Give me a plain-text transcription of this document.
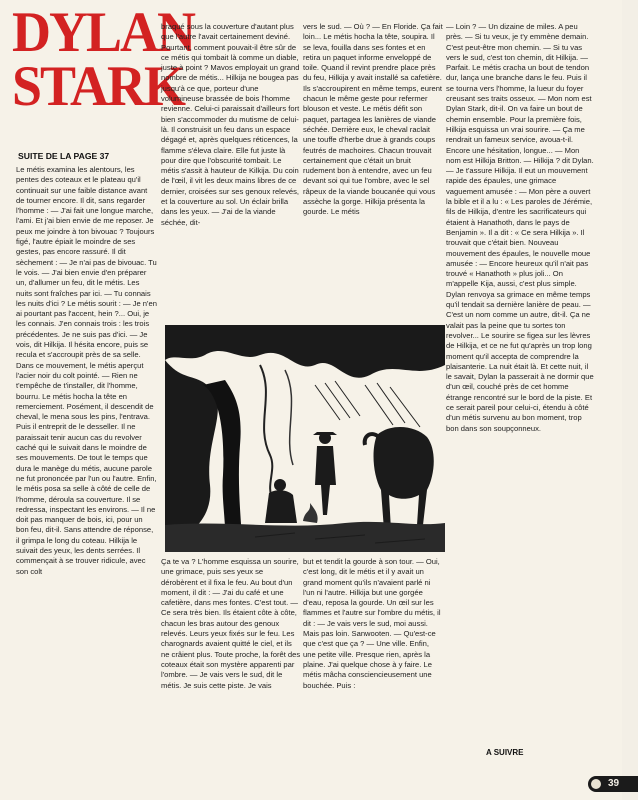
DYLAN
STARK
SUITE DE LA PAGE 37

Le métis examina les alentours, les pentes des coteaux et le plateau qu'il continuait sur une faible distance avant de tourner encore. Il dit, sans regarder l'homme : — J'ai fait une longue marche, l'ami. Et j'ai bien envie de me reposer. Je peux me joindre à ton bivouac ? Toujours figé, l'autre épiait le moindre de ses gestes, pas encore rassuré. Il dit sèchement : — Je n'ai pas de bivouac. Tu le vois. — J'ai bien envie d'en préparer un, d'allumer un feu, dit le métis. Les nuits sont fraîches par ici. — Tu connais les nuits d'ici ? Le métis sourit : — Je n'en ai pourtant pas l'accent, hein ?... Oui, je les connais. J'en connais trois : les trois précédentes. Je ne suis pas d'ici. — Je vois, dit Hilkija. Il hésita encore, puis se recula et s'accroupit près de sa selle. Dans ce mouvement, le métis aperçut l'acier noir du colt pointé. — Rien ne t'empêche de t'installer, dit l'homme, bourru. Le métis hocha la tête en remerciement. Posément, il descendit de cheval, le mena sous les pins, l'entrava. Puis il entreprit de le desseller. Il ne paraissait tenir aucun cas du revolver caché qui le suivait dans le moindre de ses mouvements. De tout le temps que dura le manège du métis, aucune parole ne fut prononcée par l'un ou l'autre. Enfin, le métis posa sa selle à côté de celle de l'homme, déroula sa couverture. Il se redressa, inspectant les environs. — Il ne doit pas manquer de bois, ici, pour un bon feu, dit-il. Sans attendre de réponse, il grimpa le long du coteau. Hilkija le suivait des yeux, les dents serrées. Il commençait à se trouver ridicule, avec son colt

braqué sous la couverture d'autant plus que l'autre l'avait certainement deviné. Pourtant, comment pouvait-il être sûr de ce métis qui tombait là comme un diable, juste à point ? Mavos employait un grand nombre de métis... Hilkija ne bougea pas jusqu'à ce que, porteur d'une volumineuse brassée de bois l'homme revienne. Celui-ci paraissait d'ailleurs fort bien s'accommoder du mutisme de celui-là. Il construisit un feu dans un espace dégagé et, après quelques réticences, la flamme s'éleva claire. Elle fut juste là pour dire que l'obscurité tombait. Le métis s'assit à hauteur de Kilkija. Du coin de l'œil, il vit les deux mains libres de ce dernier, croisées sur ses genoux relevés, et la couverture au sol. Un éclair brilla dans les yeux. — J'ai de la viande séchée, dit-

vers le sud. — Où ? — En Floride. Ça fait loin... Le métis hocha la tête, soupira. Il se leva, fouilla dans ses fontes et en retira un paquet informe enveloppé de toile. Quand il revint prendre place près du feu, Hilkija y avait installé sa cafetière. Ils s'accroupirent en même temps, eurent chacun le même geste pour refermer blouson et veste. Le métis défit son paquet, partagea les lanières de viande séchée. Derrière eux, le cheval raclait une touffe d'herbe drue à grands coups feutrés de machoires. Chacun trouvait certainement que c'était un bruit rudement bon à entendre, avec un feu devant soi qui tue l'ombre, avec le sel râpeux de la viande boucanée qui vous assèche la gorge. Hilkija présenta la gourde. Le métis

— Loin ? — Un dizaine de miles. A peu près. — Si tu veux, je t'y emmène demain. C'est peut-être mon chemin. — Si tu vas vers le sud, c'est ton chemin, dit Hilkija. — Parfait. Le métis cracha un bout de tendon dur, lança une branche dans le feu. Puis il se tourna vers l'homme, la lueur du foyer creusant ses traits osseux. — Mon nom est Dylan Stark, dit-il. On va faire un bout de chemin ensemble. Pour la première fois, Hilkija esquissa un vrai sourire. — Ça me rendrait un fameux service, avoua-t-il. Encore une hésitation, longue... — Mon nom est Hilkija Britton. — Hilkija ? dit Dylan. — Je t'assure Hilkija. Il eut un mouvement rapide des épaules, une grimace vaguement amusée : — Mon père a ouvert la bible et il a lu : « Les paroles de Jérémie, fils de Hilkija, d'entre les sacrificateurs qui étaient à Hanathoth, dans le pays de Benjamin ». Il a dit : « Ce sera Hilkija ». Il trouvait que c'était bien. Nouveau mouvement des épaules, le nouvelle moue amusée : — Encore heureux qu'il n'ait pas trouvé « Hanathoth » plus joli... On m'appelle Kija, aussi, c'est plus simple. Dylan renvoya sa grimace en même temps qu'il tendait sa dernière lanière de peau. — C'est un nom comme un autre, dit-il. Ça ne valait pas la peine que tu sortes ton revolver... Le sourire se figea sur les lèvres de Hilkija, et ce ne fut qu'après un trop long moment qu'il accepta de comprendre la plaisanterie. La nuit était là. Et cette nuit, il le savait, Dylan la passerait à ne dormir que d'un œil, couché près de cet homme étrange rencontré sur le bord de la piste. Et ce serait pareil pour celui-ci, étendu à côté d'un métis survenu au bon moment, trop bon dans son soupçonneux.

Ça te va ? L'homme esquissa un sourire, une grimace, puis ses yeux se dérobèrent et il fixa le feu. Au bout d'un moment, il dit : — J'ai du café et une cafetière, dans mes fontes. C'est tout. — Ce sera très bien. Ils étaient côte à côte, chacun les bras autour des genoux relevés. Leurs yeux fixés sur le feu. Les charognards avaient quitté le ciel, et ils ne crâient plus. Toute proche, la forêt des coteaux était son mystère apparenti par l'ombre. — Je vais vers le sud, dit le métis. Je suis cette piste. Je vais

but et tendit la gourde à son tour. — Oui, c'est long, dit le métis et il y avait un grand moment qu'ils n'avaient parlé ni l'un ni l'autre. Hilkija but une gorgée d'eau, reposa la gourde. Un œil sur les flammes et l'autre sur l'ombre du métis, il dit : — Je vais vers le sud, moi aussi. Mais pas loin. Sanwooten. — Qu'est-ce que c'est que ça ? — Une ville. Enfin, une petite ville. Presque rien, après la plaine. J'ai quelque chose à y faire. Le métis mâcha consciencieusement une bouchée. Puis :

A SUIVRE
39
